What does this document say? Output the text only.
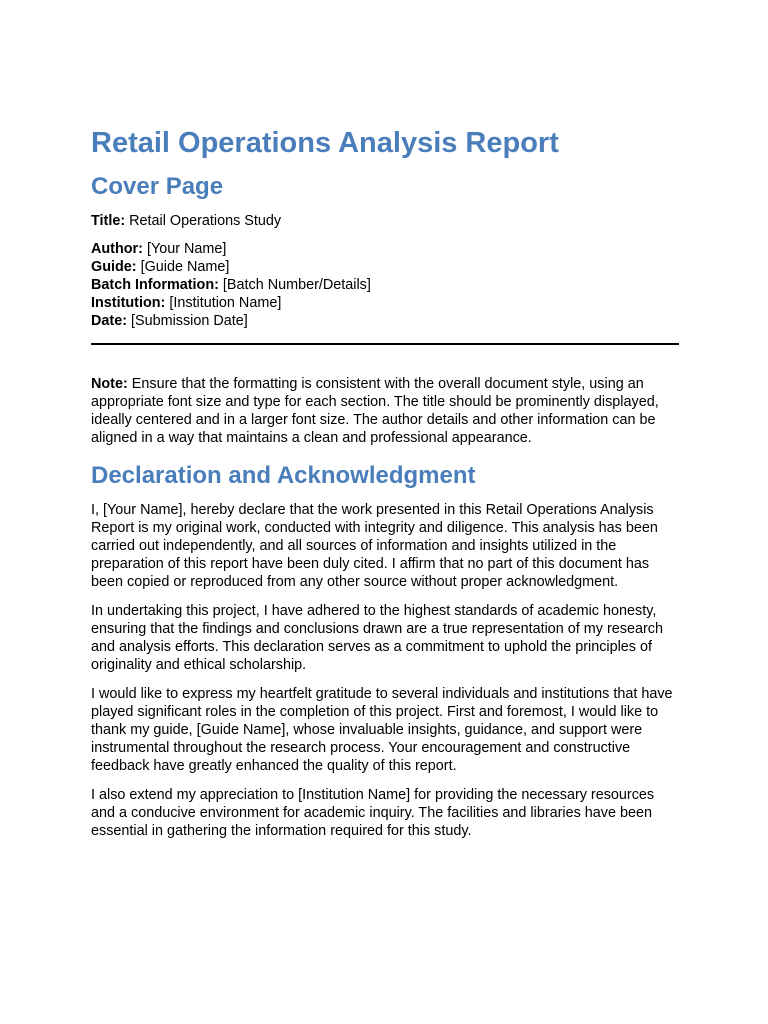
Retail Operations Analysis Report
Cover Page

Title: Retail Operations Study

Author: [Your Name]

Guide: [Guide Name]

Batch Information: [Batch Number/Details]

Institution: [Institution Name]

Date: [Submission Date]

Note: Ensure that the formatting is consistent with the overall document style, using an appropriate font size and type for each section. The title should be prominently displayed, ideally centered and in a larger font size. The author details and other information can be aligned in a way that maintains a clean and professional appearance.

Declaration and Acknowledgment

I, [Your Name], hereby declare that the work presented in this Retail Operations Analysis Report is my original work, conducted with integrity and diligence. This analysis has been carried out independently, and all sources of information and insights utilized in the preparation of this report have been duly cited. I affirm that no part of this document has been copied or reproduced from any other source without proper acknowledgment.

In undertaking this project, I have adhered to the highest standards of academic honesty, ensuring that the findings and conclusions drawn are a true representation of my research and analysis efforts. This declaration serves as a commitment to uphold the principles of originality and ethical scholarship.

I would like to express my heartfelt gratitude to several individuals and institutions that have played significant roles in the completion of this project. First and foremost, I would like to thank my guide, [Guide Name], whose invaluable insights, guidance, and support were instrumental throughout the research process. Your encouragement and constructive feedback have greatly enhanced the quality of this report.

I also extend my appreciation to [Institution Name] for providing the necessary resources and a conducive environment for academic inquiry. The facilities and libraries have been essential in gathering the information required for this study.
